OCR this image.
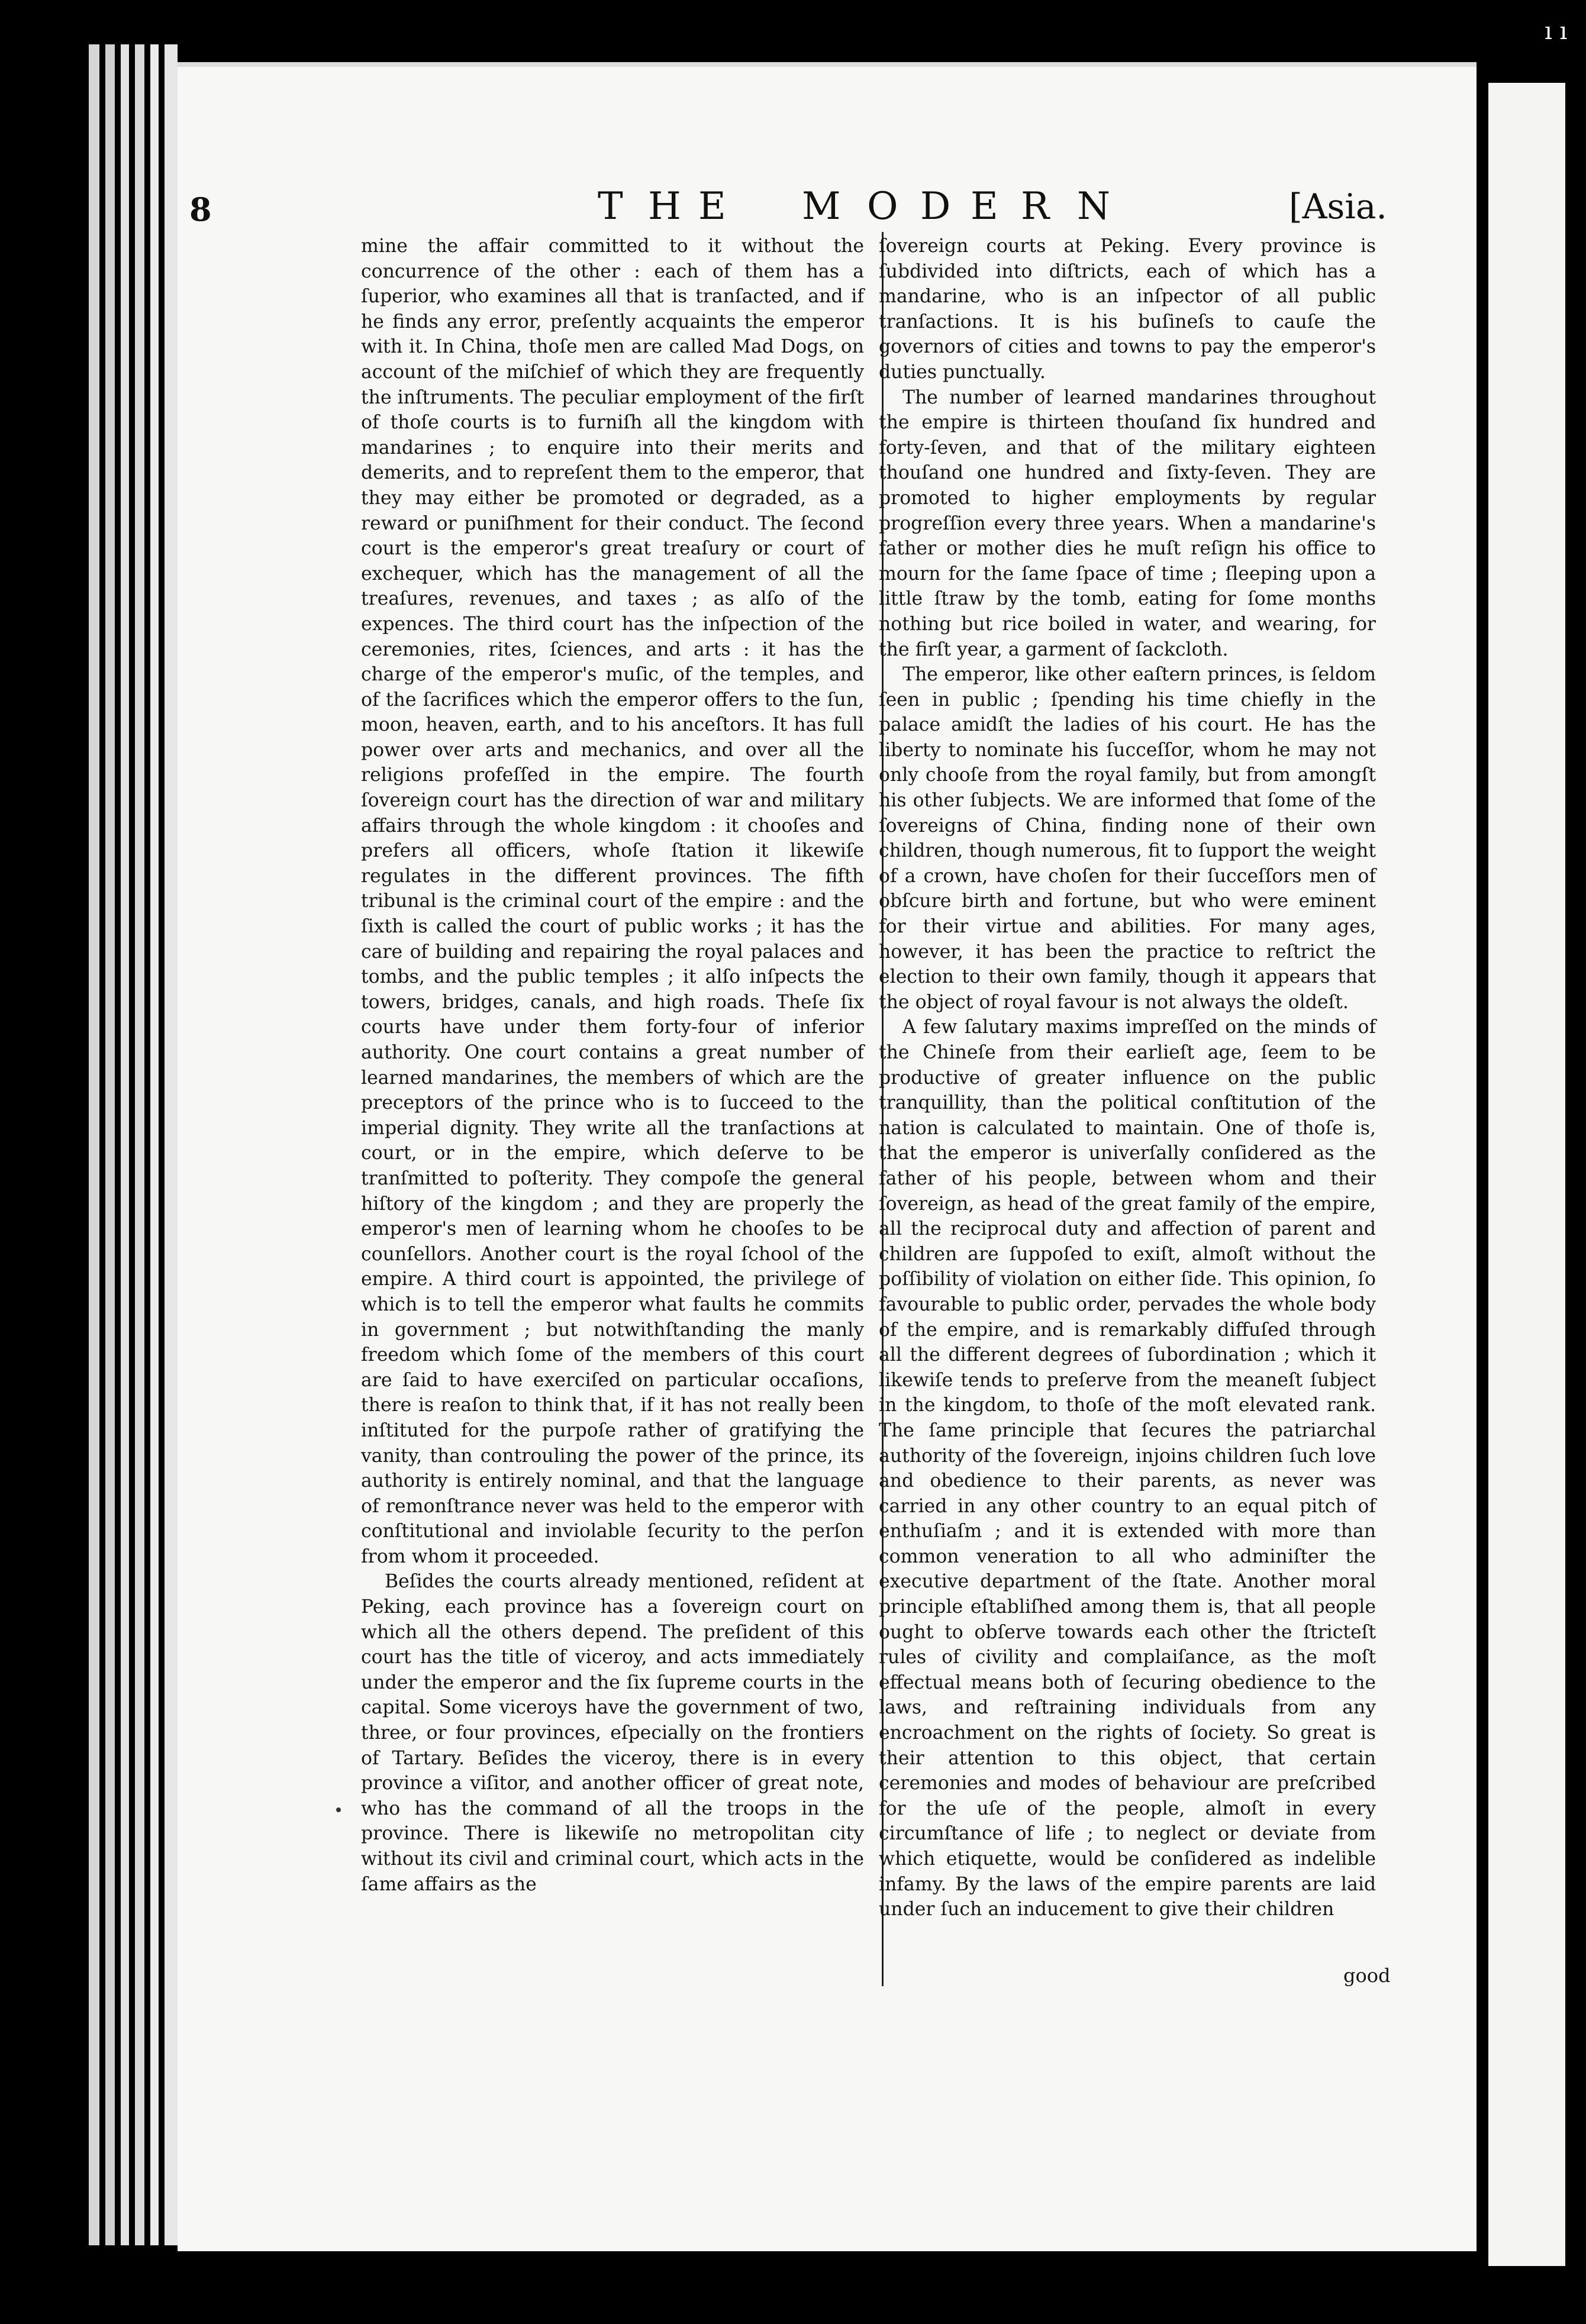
ı ı
8	T H E M O D E R N	[Asia.

mine the affair committed to it without the concurrence of the other : each of them has a ſuperior, who examines all that is tranſacted, and if he finds any error, preſently acquaints the emperor with it. In China, thoſe men are called Mad Dogs, on account of the miſchief of which they are frequently the inſtruments. The peculiar employment of the firſt of thoſe courts is to furniſh all the kingdom with mandarines ; to enquire into their merits and demerits, and to repreſent them to the emperor, that they may either be promoted or degraded, as a reward or puniſhment for their conduct. The ſecond court is the emperor's great treaſury or court of exchequer, which has the management of all the treaſures, revenues, and taxes ; as alſo of the expences. The third court has the inſpection of the ceremonies, rites, ſciences, and arts : it has the charge of the emperor's muſic, of the temples, and of the ſacrifices which the emperor offers to the ſun, moon, heaven, earth, and to his anceſtors. It has full power over arts and mechanics, and over all the religions profeſſed in the empire. The fourth ſovereign court has the direction of war and military affairs through the whole kingdom : it chooſes and prefers all officers, whoſe ſtation it likewiſe regulates in the different provinces. The fifth tribunal is the criminal court of the empire : and the ſixth is called the court of public works ; it has the care of building and repairing the royal palaces and tombs, and the public temples ; it alſo inſpects the towers, bridges, canals, and high roads. Theſe ſix courts have under them forty-four of inferior authority. One court contains a great number of learned mandarines, the members of which are the preceptors of the prince who is to ſucceed to the imperial dignity. They write all the tranſactions at court, or in the empire, which deſerve to be tranſmitted to poſterity. They compoſe the general hiſtory of the kingdom ; and they are properly the emperor's men of learning whom he chooſes to be counſellors. Another court is the royal ſchool of the empire. A third court is appointed, the privilege of which is to tell the emperor what faults he commits in government ; but notwithſtanding the manly freedom which ſome of the members of this court are ſaid to have exerciſed on particular occaſions, there is reaſon to think that, if it has not really been inſtituted for the purpoſe rather of gratifying the vanity, than controuling the power of the prince, its authority is entirely nominal, and that the language of remonſtrance never was held to the emperor with conſtitutional and inviolable ſecurity to the perſon from whom it proceeded.

Beſides the courts already mentioned, reſident at Peking, each province has a ſovereign court on which all the others depend. The preſident of this court has the title of viceroy, and acts immediately under the emperor and the ſix ſupreme courts in the capital. Some viceroys have the government of two, three, or four provinces, eſpecially on the frontiers of Tartary. Beſides the viceroy, there is in every province a viſitor, and another officer of great note, who has the command of all the troops in the province. There is likewiſe no metropolitan city without its civil and criminal court, which acts in the ſame affairs as the

ſovereign courts at Peking. Every province is ſubdivided into diſtricts, each of which has a mandarine, who is an inſpector of all public tranſactions. It is his buſineſs to cauſe the governors of cities and towns to pay the emperor's duties punctually.

The number of learned mandarines throughout the empire is thirteen thouſand ſix hundred and forty-ſeven, and that of the military eighteen thouſand one hundred and ſixty-ſeven. They are promoted to higher employments by regular progreſſion every three years. When a mandarine's father or mother dies he muſt reſign his office to mourn for the ſame ſpace of time ; ſleeping upon a little ſtraw by the tomb, eating for ſome months nothing but rice boiled in water, and wearing, for the firſt year, a garment of ſackcloth.

The emperor, like other eaſtern princes, is ſeldom ſeen in public ; ſpending his time chiefly in the palace amidſt the ladies of his court. He has the liberty to nominate his ſucceſſor, whom he may not only chooſe from the royal family, but from amongſt his other ſubjects. We are informed that ſome of the ſovereigns of China, finding none of their own children, though numerous, fit to ſupport the weight of a crown, have choſen for their ſucceſſors men of obſcure birth and fortune, but who were eminent for their virtue and abilities. For many ages, however, it has been the practice to reſtrict the election to their own family, though it appears that the object of royal favour is not always the oldeſt.

A few ſalutary maxims impreſſed on the minds of the Chineſe from their earlieſt age, ſeem to be productive of greater influence on the public tranquillity, than the political conſtitution of the nation is calculated to maintain. One of thoſe is, that the emperor is univerſally conſidered as the father of his people, between whom and their ſovereign, as head of the great family of the empire, all the reciprocal duty and affection of parent and children are ſuppoſed to exiſt, almoſt without the poſſibility of violation on either ſide. This opinion, ſo favourable to public order, pervades the whole body of the empire, and is remarkably diffuſed through all the different degrees of ſubordination ; which it likewiſe tends to preſerve from the meaneſt ſubject in the kingdom, to thoſe of the moſt elevated rank. The ſame principle that ſecures the patriarchal authority of the ſovereign, injoins children ſuch love and obedience to their parents, as never was carried in any other country to an equal pitch of enthuſiaſm ; and it is extended with more than common veneration to all who adminiſter the executive department of the ſtate. Another moral principle eſtabliſhed among them is, that all people ought to obſerve towards each other the ſtricteſt rules of civility and complaiſance, as the moſt effectual means both of ſecuring obedience to the laws, and reſtraining individuals from any encroachment on the rights of ſociety. So great is their attention to this object, that certain ceremonies and modes of behaviour are preſcribed for the uſe of the people, almoſt in every circumſtance of life ; to neglect or deviate from which etiquette, would be conſidered as indelible infamy. By the laws of the empire parents are laid under ſuch an inducement to give their children

good
